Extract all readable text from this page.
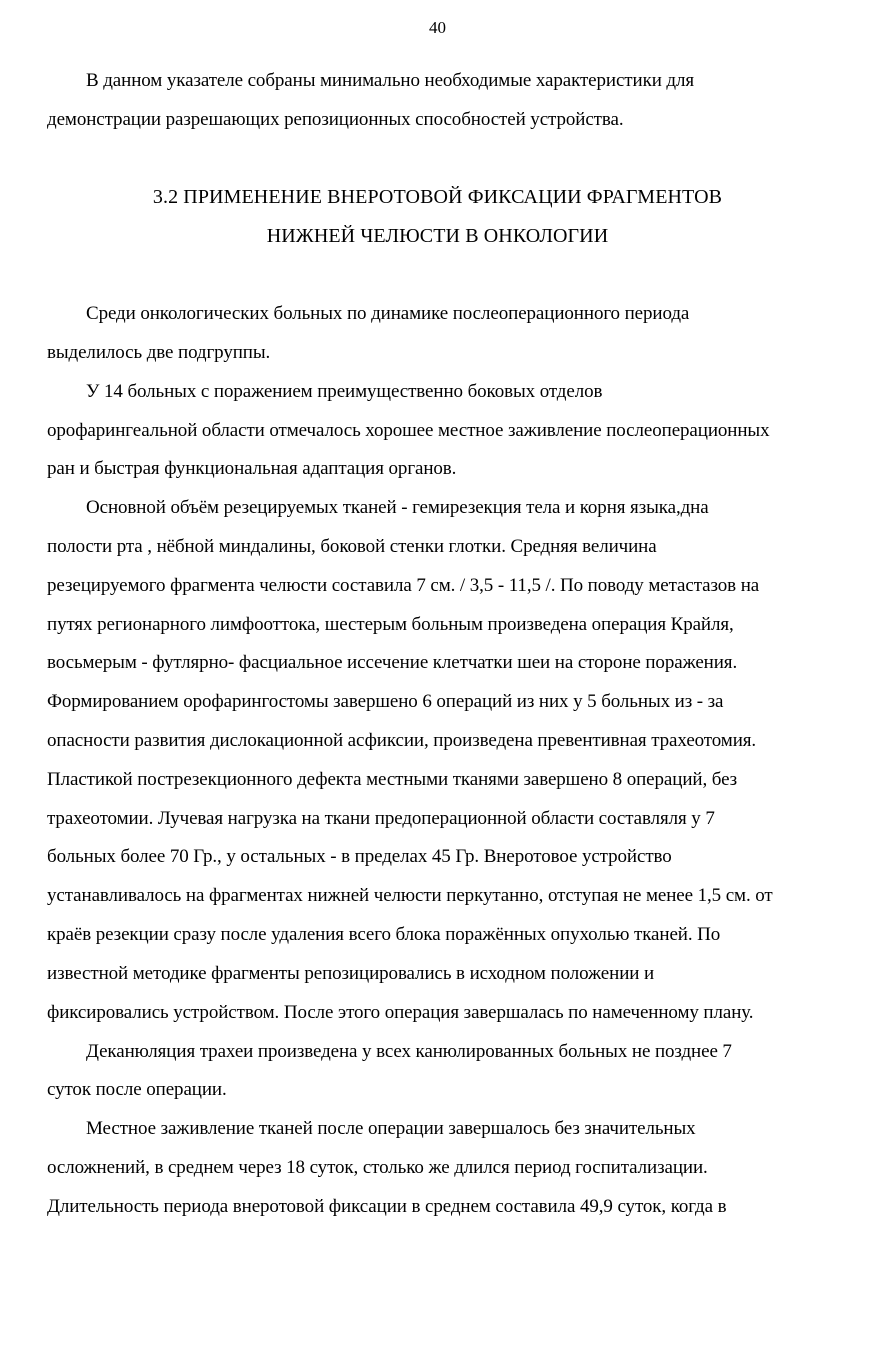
40
В данном указателе собраны минимально необходимые характеристики для
демонстрации разрешающих репозиционных способностей устройства.
3.2 ПРИМЕНЕНИЕ ВНЕРОТОВОЙ ФИКСАЦИИ ФРАГМЕНТОВ
НИЖНЕЙ ЧЕЛЮСТИ В ОНКОЛОГИИ
Среди онкологических больных по динамике послеоперационного периода
выделилось две подгруппы.
У 14 больных с поражением преимущественно боковых отделов
орофарингеальной области отмечалось хорошее местное заживление послеоперационных
ран и быстрая функциональная адаптация органов.
Основной объём резецируемых тканей - гемирезекция тела и корня языка,дна
полости рта , нёбной миндалины, боковой стенки глотки. Средняя величина
резецируемого фрагмента челюсти составила 7 см. / 3,5 - 11,5 /. По поводу метастазов на
путях регионарного лимфооттока, шестерым больным произведена операция Крайля,
восьмерым - футлярно- фасциальное иссечение клетчатки шеи на стороне поражения.
Формированием орофарингостомы завершено 6 операций из них у 5 больных из - за
опасности развития дислокационной асфиксии, произведена превентивная трахеотомия.
Пластикой пострезекционного дефекта местными тканями завершено 8 операций, без
трахеотомии. Лучевая нагрузка на ткани предоперационной области составляля у 7
больных более 70 Гр., у остальных - в пределах 45 Гр. Внеротовое устройство
устанавливалось на фрагментах нижней челюсти перкутанно, отступая не менее 1,5 см. от
краёв резекции сразу после удаления всего блока поражённых опухолью тканей. По
известной методике фрагменты репозицировались в исходном положении и
фиксировались устройством. После этого операция завершалась по намеченному плану.
Деканюляция трахеи произведена у всех канюлированных больных не позднее 7
суток после операции.
Местное заживление тканей после операции завершалось без значительных
осложнений, в среднем через 18 суток, столько же длился период госпитализации.
Длительность периода внеротовой фиксации в среднем составила 49,9 суток, когда в
